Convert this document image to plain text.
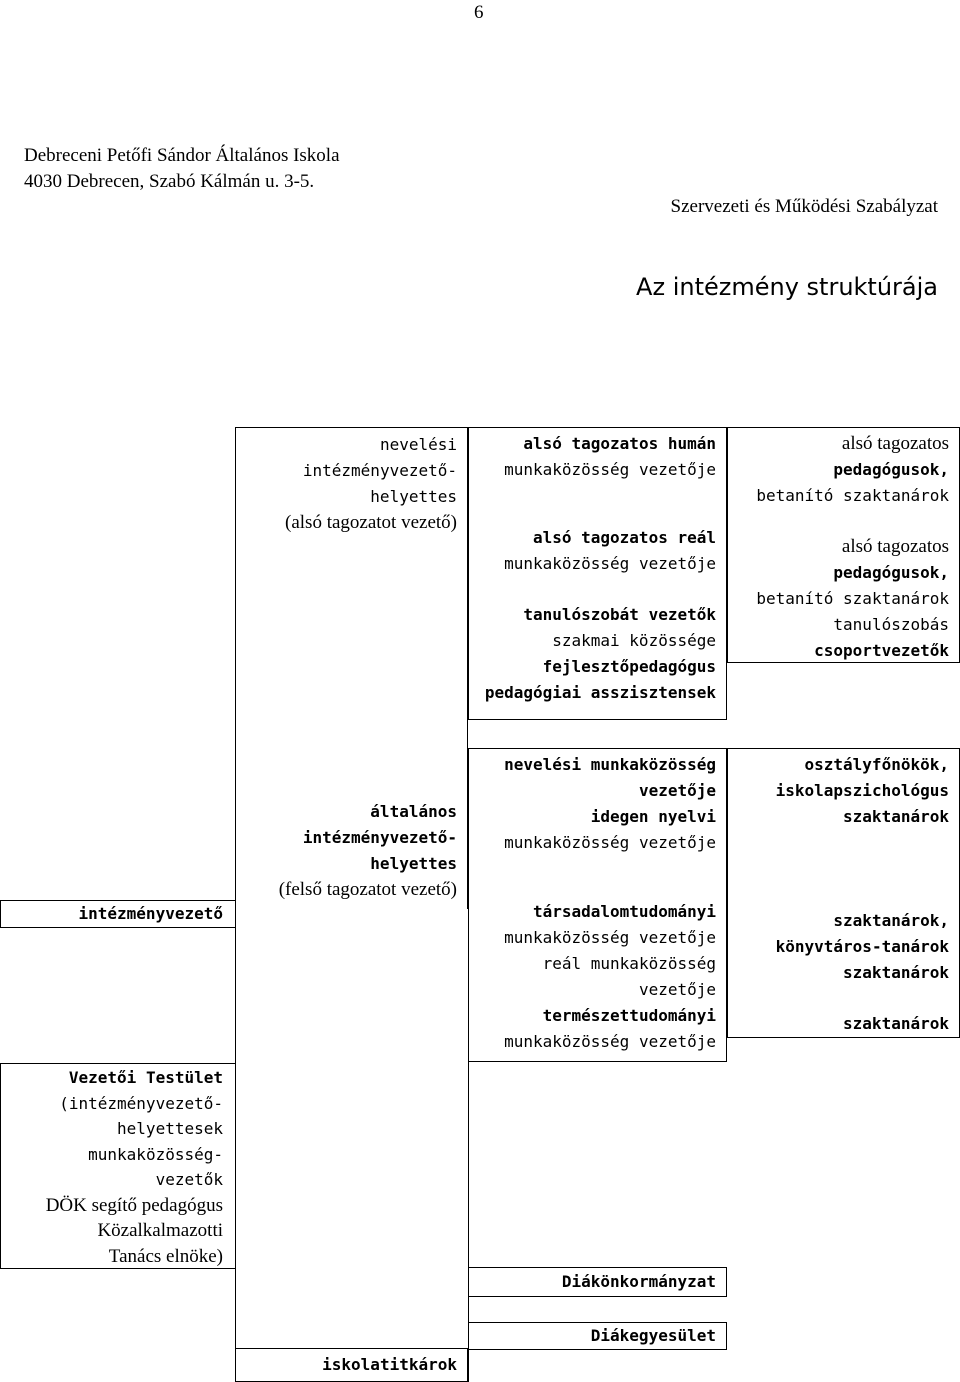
6
Debreceni Petőfi Sándor Általános Iskola
4030 Debrecen, Szabó Kálmán u. 3-5.
Szervezeti és Működési Szabályzat
Az intézmény struktúrája
intézményvezető
Vezetői Testület
(intézményvezető-
helyettesek
munkaközösség-
vezetők
DÖK segítő pedagógus
Közalkalmazotti
Tanács elnöke)
nevelési
intézményvezető-
helyettes
(alsó tagozatot vezető)
általános
intézményvezető-
helyettes
(felső tagozatot vezető)
iskolatitkárok
alsó tagozatos humán
munkaközösség vezetője
alsó tagozatos reál
munkaközösség vezetője
tanulószobát vezetők
szakmai közössége
fejlesztőpedagógus
pedagógiai asszisztensek
alsó tagozatos
pedagógusok,
betanító szaktanárok
alsó tagozatos
pedagógusok,
betanító szaktanárok
tanulószobás
csoportvezetők
nevelési munkaközösség
vezetője
idegen nyelvi
munkaközösség vezetője
társadalomtudományi
munkaközösség vezetője
reál munkaközösség
vezetője
természettudományi
munkaközösség vezetője
osztályfőnökök,
iskolapszichológus
szaktanárok
szaktanárok,
könyvtáros-tanárok
szaktanárok
szaktanárok
Diákönkormányzat
Diákegyesület
